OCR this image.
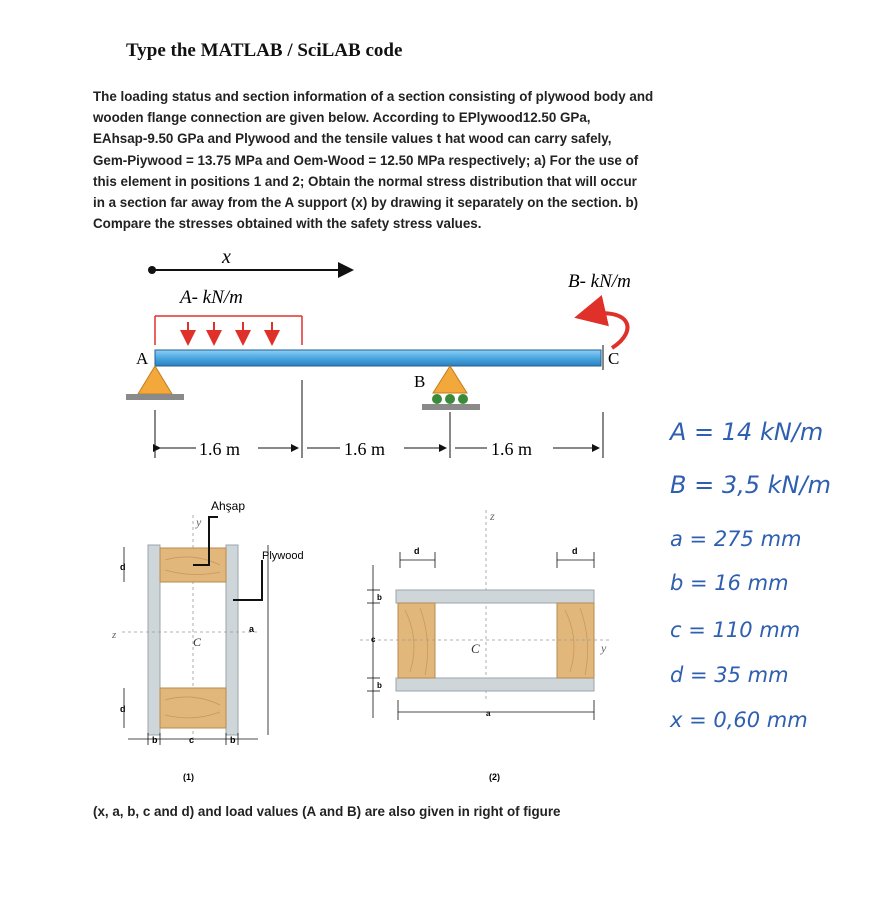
Type the MATLAB / SciLAB code
The loading status and section information of a section consisting of plywood body and
wooden flange connection are given below. According to EPlywood12.50 GPa,
EAhsap-9.50 GPa and Plywood and the tensile values t hat wood can carry safely,
Gem-Piywood = 13.75 MPa and Oem-Wood = 12.50 MPa respectively; a) For the use of
this element in positions 1 and 2; Obtain the normal stress distribution that will occur
in a section far away from the A support (x) by drawing it separately on the section. b)
Compare the stresses obtained with the safety stress values.
x
A- kN/m
B- kN/m
A	C
B
1.6 m	1.6 m	1.6 m
Ahşap
y
Plywood
z	C
d
d
a
b	c	b
(1)
z
y
C
d	d
b
c
b
a
(2)
A = 14 kN/m
B = 3,5 kN/m
a = 275 mm
b = 16 mm
c = 110 mm
d = 35 mm
x = 0,60 mm
(x, a, b, c and d) and load values (A and B) are also given in right of figure
